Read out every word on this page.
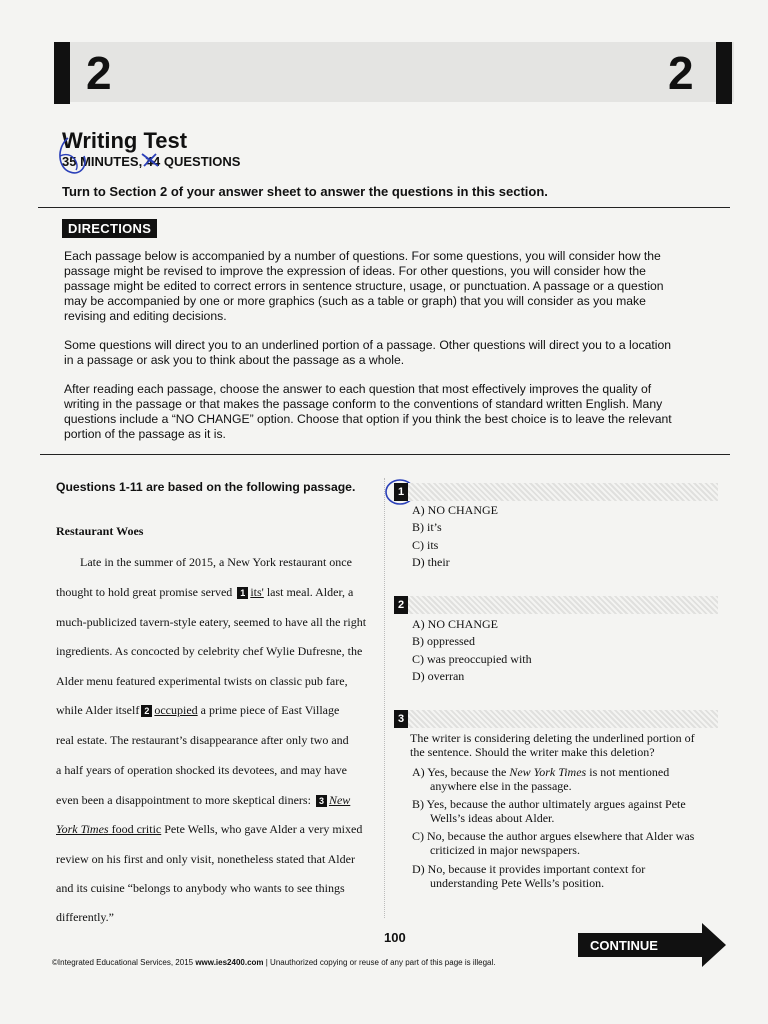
2	2
Writing Test
35 MINUTES, 44 QUESTIONS
Turn to Section 2 of your answer sheet to answer the questions in this section.
DIRECTIONS
Each passage below is accompanied by a number of questions. For some questions, you will consider how the
passage might be revised to improve the expression of ideas. For other questions, you will consider how the
passage might be edited to correct errors in sentence structure, usage, or punctuation. A passage or a question
may be accompanied by one or more graphics (such as a table or graph) that you will consider as you make
revising and editing decisions.
Some questions will direct you to an underlined portion of a passage. Other questions will direct you to a location
in a passage or ask you to think about the passage as a whole.
After reading each passage, choose the answer to each question that most effectively improves the quality of
writing in the passage or that makes the passage conform to the conventions of standard written English. Many
questions include a “NO CHANGE” option. Choose that option if you think the best choice is to leave the relevant
portion of the passage as it is.
Questions 1-11 are based on the following passage.
Restaurant Woes
Late in the summer of 2015, a New York restaurant once
thought to hold great promise served 1 its' last meal. Alder, a
much-publicized tavern-style eatery, seemed to have all the right
ingredients. As concocted by celebrity chef Wylie Dufresne, the
Alder menu featured experimental twists on classic pub fare,
while Alder itself 2 occupied a prime piece of East Village
real estate. The restaurant’s disappearance after only two and
a half years of operation shocked its devotees, and may have
even been a disappointment to more skeptical diners: 3 New
York Times food critic Pete Wells, who gave Alder a very mixed
review on his first and only visit, nonetheless stated that Alder
and its cuisine “belongs to anybody who wants to see things
differently.”
1
A) NO CHANGE
B) it’s
C) its
D) their
2
A) NO CHANGE
B) oppressed
C) was preoccupied with
D) overran
3
The writer is considering deleting the underlined portion of
the sentence. Should the writer make this deletion?
A) Yes, because the New York Times is not mentioned
anywhere else in the passage.
B) Yes, because the author ultimately argues against Pete
Wells’s ideas about Alder.
C) No, because the author argues elsewhere that Alder was
criticized in major newspapers.
D) No, because it provides important context for
understanding Pete Wells’s position.
100
©Integrated Educational Services, 2015 www.ies2400.com | Unauthorized copying or reuse of any part of this page is illegal.
CONTINUE
